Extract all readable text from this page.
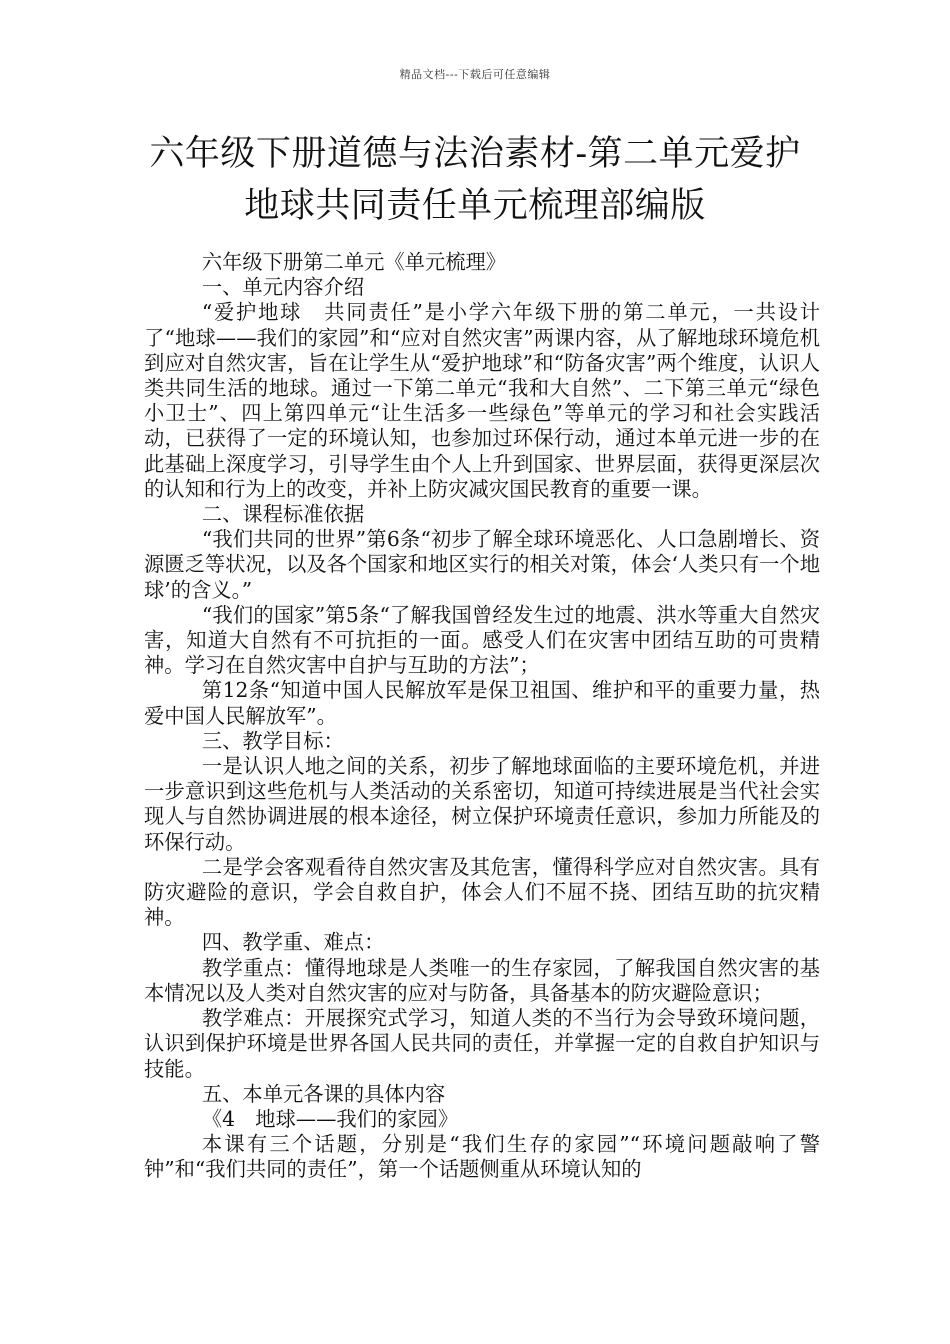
精品文档---下载后可任意编辑
六年级下册道德与法治素材-第二单元爱护
地球共同责任单元梳理部编版

六年级下册第二单元《单元梳理》

一、单元内容介绍

“爱护地球　共同责任”是小学六年级下册的第二单元，一共设计了“地球——我们的家园”和“应对自然灾害”两课内容，从了解地球环境危机到应对自然灾害，旨在让学生从“爱护地球”和“防备灾害”两个维度，认识人类共同生活的地球。通过一下第二单元“我和大自然”、二下第三单元“绿色小卫士”、四上第四单元“让生活多一些绿色”等单元的学习和社会实践活动，已获得了一定的环境认知，也参加过环保行动，通过本单元进一步的在此基础上深度学习，引导学生由个人上升到国家、世界层面，获得更深层次的认知和行为上的改变，并补上防灾减灾国民教育的重要一课。

二、课程标准依据

“我们共同的世界”第6条“初步了解全球环境恶化、人口急剧增长、资源匮乏等状况，以及各个国家和地区实行的相关对策，体会‘人类只有一个地球’的含义。”

“我们的国家”第5条“了解我国曾经发生过的地震、洪水等重大自然灾害，知道大自然有不可抗拒的一面。感受人们在灾害中团结互助的可贵精神。学习在自然灾害中自护与互助的方法”；

第12条“知道中国人民解放军是保卫祖国、维护和平的重要力量，热爱中国人民解放军”。

三、教学目标：

一是认识人地之间的关系，初步了解地球面临的主要环境危机，并进一步意识到这些危机与人类活动的关系密切，知道可持续进展是当代社会实现人与自然协调进展的根本途径，树立保护环境责任意识，参加力所能及的环保行动。

二是学会客观看待自然灾害及其危害，懂得科学应对自然灾害。具有防灾避险的意识，学会自救自护，体会人们不屈不挠、团结互助的抗灾精神。

四、教学重、难点：

教学重点：懂得地球是人类唯一的生存家园，了解我国自然灾害的基本情况以及人类对自然灾害的应对与防备，具备基本的防灾避险意识；

教学难点：开展探究式学习，知道人类的不当行为会导致环境问题，认识到保护环境是世界各国人民共同的责任，并掌握一定的自救自护知识与技能。

五、本单元各课的具体内容

《4　地球——我们的家园》

本课有三个话题，分别是“我们生存的家园”“环境问题敲响了警钟”和“我们共同的责任”，第一个话题侧重从环境认知的
